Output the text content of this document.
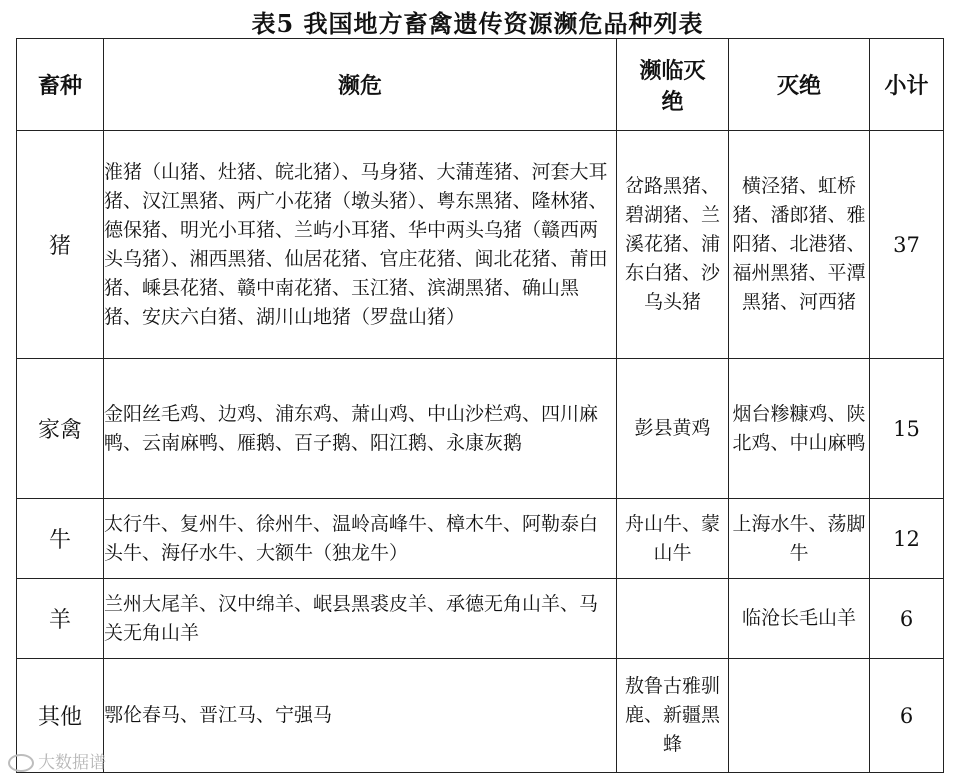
表5 我国地方畜禽遗传资源濒危品种列表
畜种	濒危	濒临灭绝	灭绝	小计
猪	淮猪（山猪、灶猪、皖北猪）、马身猪、大蒲莲猪、河套大耳猪、汉江黑猪、两广小花猪（墩头猪）、粤东黑猪、隆林猪、德保猪、明光小耳猪、兰屿小耳猪、华中两头乌猪（赣西两头乌猪）、湘西黑猪、仙居花猪、官庄花猪、闽北花猪、莆田猪、嵊县花猪、赣中南花猪、玉江猪、滨湖黑猪、确山黑猪、安庆六白猪、湖川山地猪（罗盘山猪）	岔路黑猪、碧湖猪、兰溪花猪、浦东白猪、沙乌头猪	横泾猪、虹桥猪、潘郎猪、雅阳猪、北港猪、福州黑猪、平潭黑猪、河西猪	37
家禽	金阳丝毛鸡、边鸡、浦东鸡、萧山鸡、中山沙栏鸡、四川麻鸭、云南麻鸭、雁鹅、百子鹅、阳江鹅、永康灰鹅	彭县黄鸡	烟台糁糠鸡、陕北鸡、中山麻鸭	15
牛	太行牛、复州牛、徐州牛、温岭高峰牛、樟木牛、阿勒泰白头牛、海仔水牛、大额牛（独龙牛）	舟山牛、蒙山牛	上海水牛、荡脚牛	12
羊	兰州大尾羊、汉中绵羊、岷县黑裘皮羊、承德无角山羊、马关无角山羊		临沧长毛山羊	6
其他	鄂伦春马、晋江马、宁强马	敖鲁古雅驯鹿、新疆黑蜂		6
大数据谱
